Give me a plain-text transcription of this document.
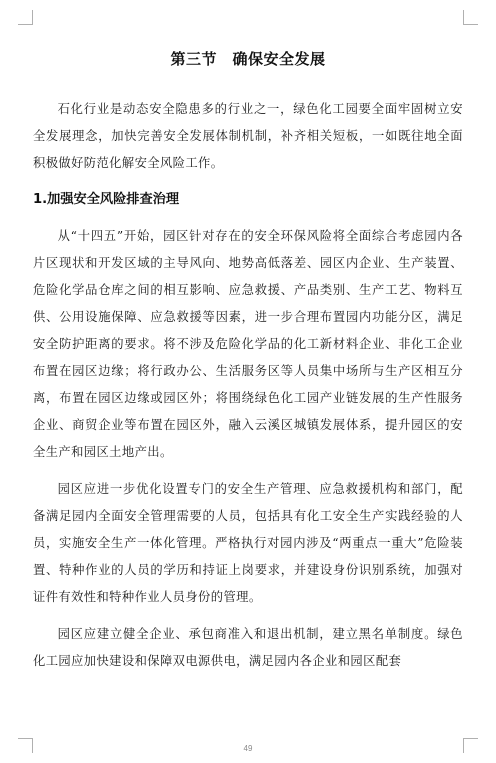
第三节　确保安全发展

石化行业是动态安全隐患多的行业之一，绿色化工园要全面牢固树立安全发展理念，加快完善安全发展体制机制，补齐相关短板，一如既往地全面积极做好防范化解安全风险工作。

1.加强安全风险排查治理

从“十四五”开始，园区针对存在的安全环保风险将全面综合考虑园内各片区现状和开发区域的主导风向、地势高低落差、园区内企业、生产装置、危险化学品仓库之间的相互影响、应急救援、产品类别、生产工艺、物料互供、公用设施保障、应急救援等因素，进一步合理布置园内功能分区，满足安全防护距离的要求。将不涉及危险化学品的化工新材料企业、非化工企业布置在园区边缘；将行政办公、生活服务区等人员集中场所与生产区相互分离，布置在园区边缘或园区外；将围绕绿色化工园产业链发展的生产性服务企业、商贸企业等布置在园区外，融入云溪区城镇发展体系，提升园区的安全生产和园区土地产出。

园区应进一步优化设置专门的安全生产管理、应急救援机构和部门，配备满足园内全面安全管理需要的人员，包括具有化工安全生产实践经验的人员，实施安全生产一体化管理。严格执行对园内涉及“两重点一重大”危险装置、特种作业的人员的学历和持证上岗要求，并建设身份识别系统，加强对证件有效性和特种作业人员身份的管理。

园区应建立健全企业、承包商准入和退出机制，建立黑名单制度。绿色化工园应加快建设和保障双电源供电，满足园内各企业和园区配套

49
